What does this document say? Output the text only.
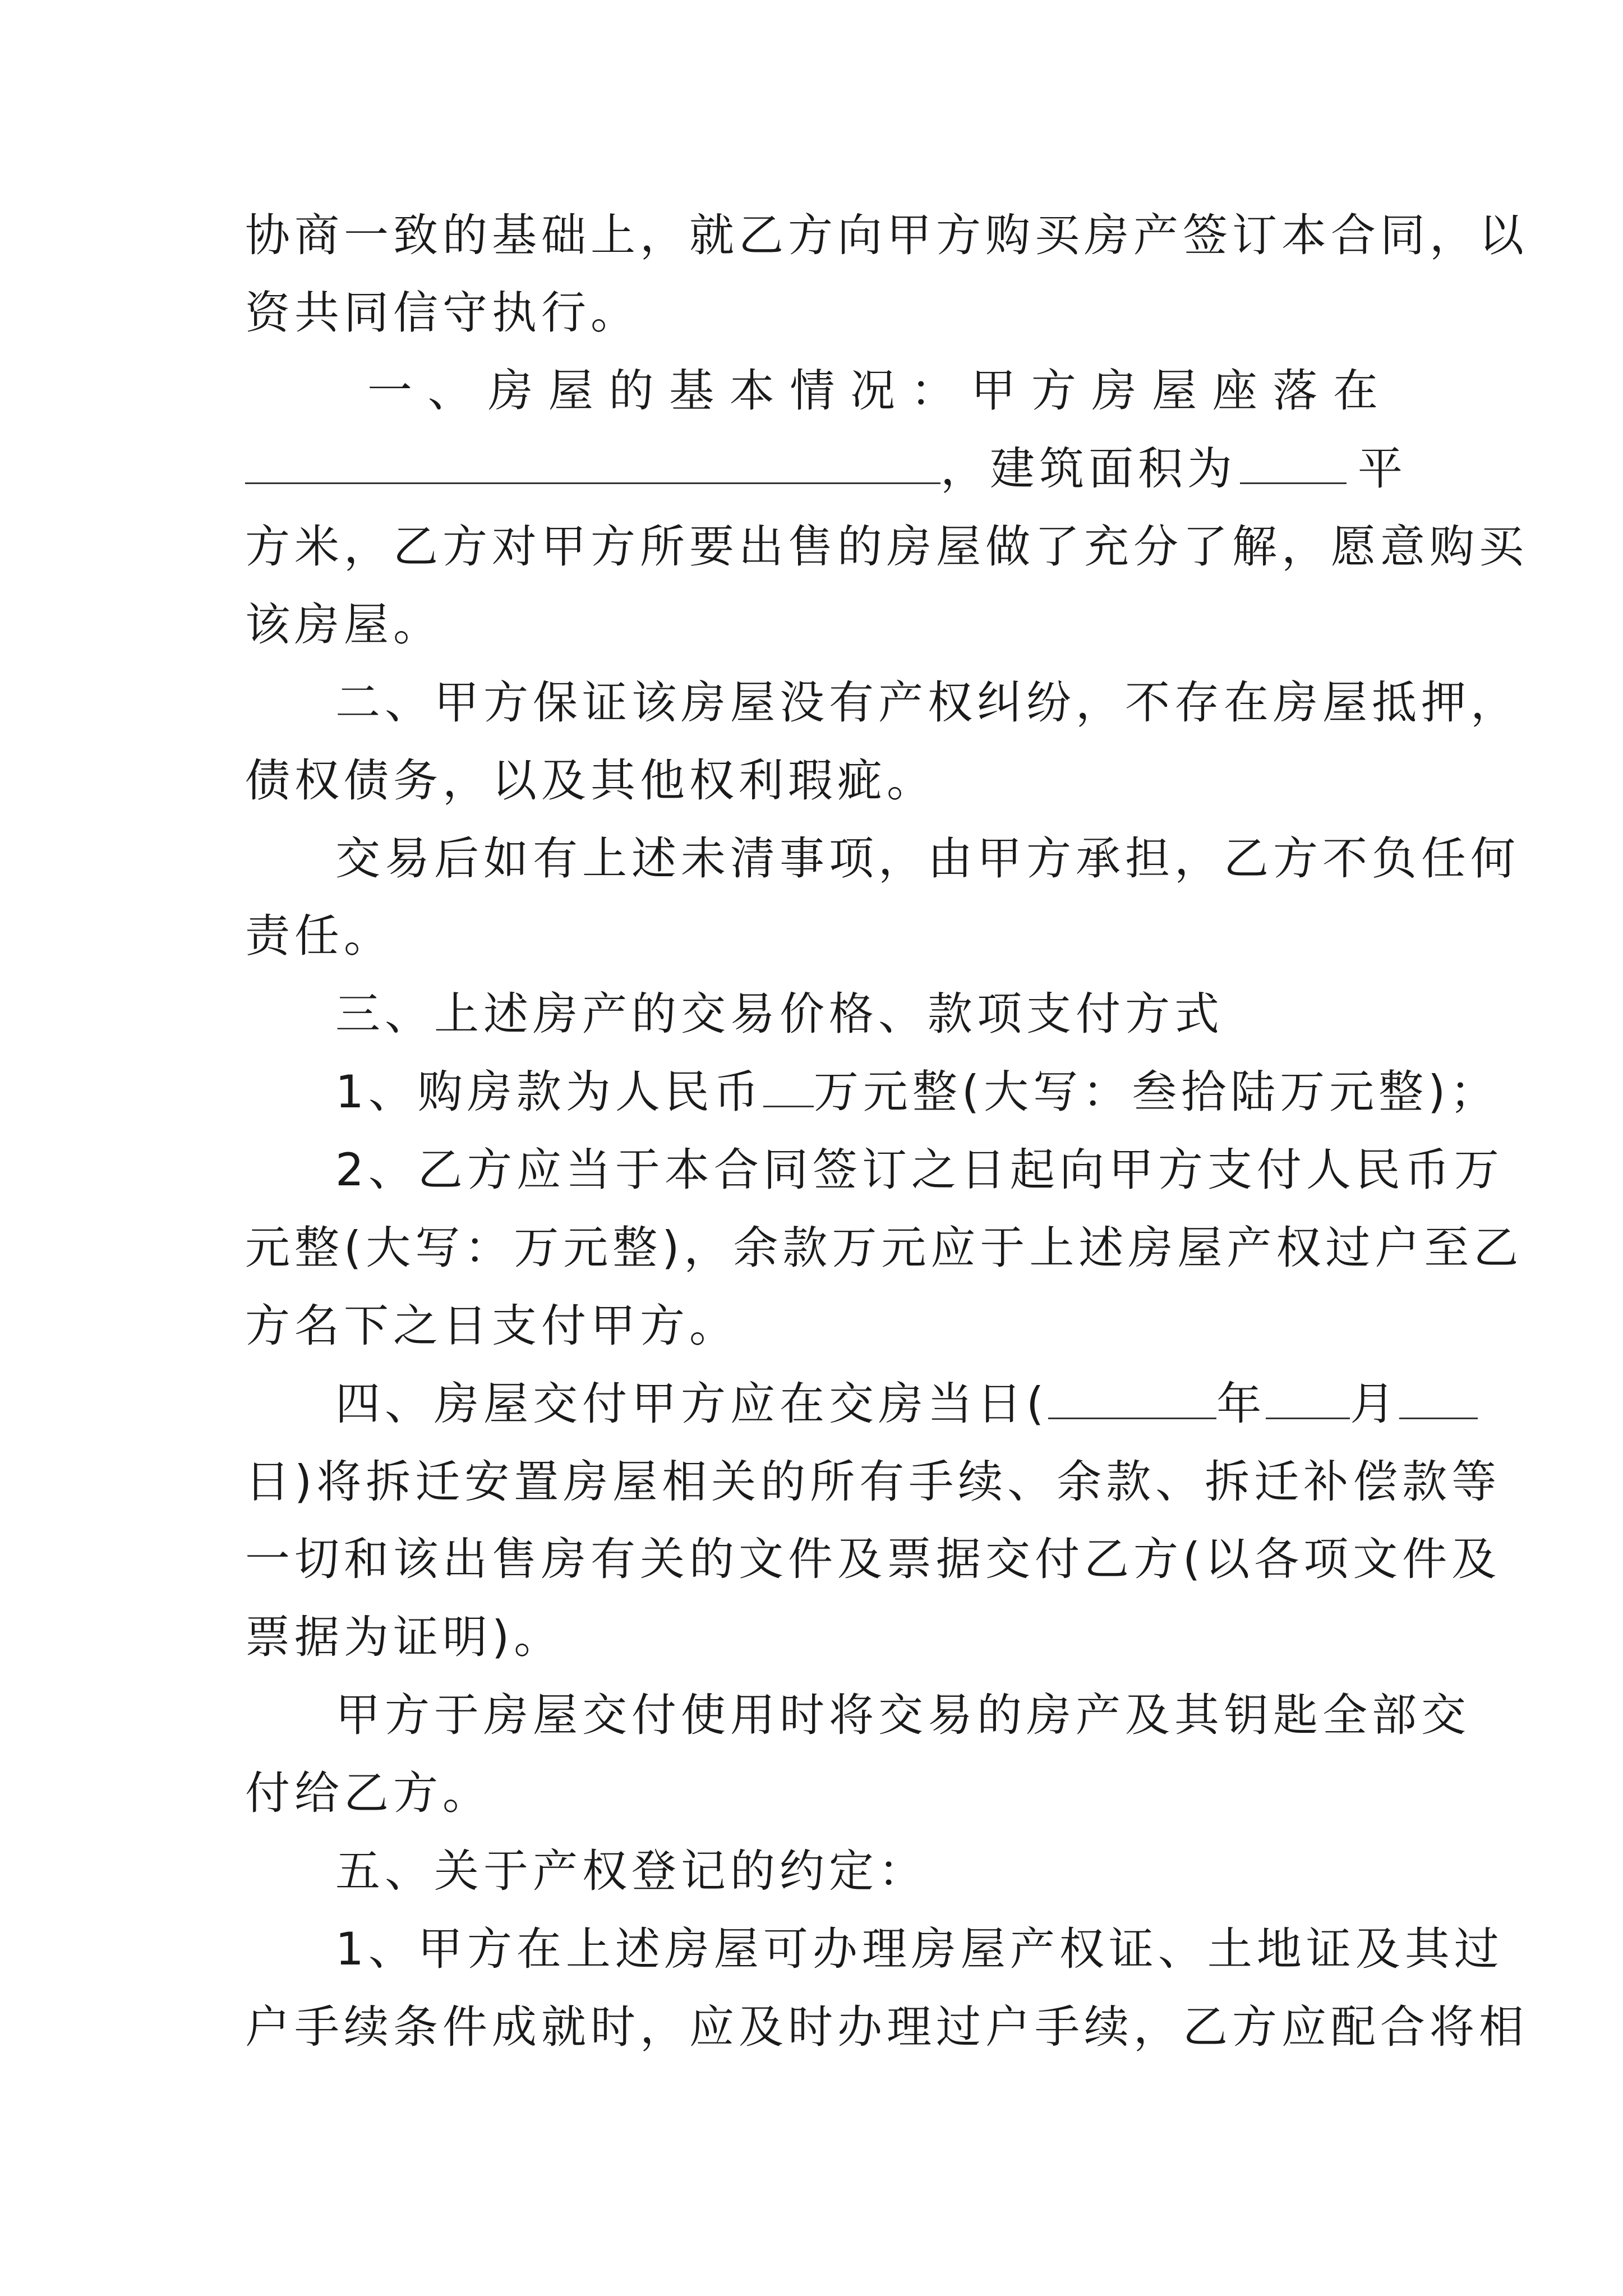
协商一致的基础上，就乙方向甲方购买房产签订本合同，以
资共同信守执行。
一 、 房 屋 的 基 本 情 况 ： 甲 方 房 屋 座 落 在
，建筑面积为	平
方米，乙方对甲方所要出售的房屋做了充分了解，愿意购买
该房屋。
二、甲方保证该房屋没有产权纠纷，不存在房屋抵押，
债权债务，以及其他权利瑕疵。
交易后如有上述未清事项，由甲方承担，乙方不负任何
责任。
三、上述房产的交易价格、款项支付方式
1、购房款为人民币 万元整(大写：叁拾陆万元整)；
2、乙方应当于本合同签订之日起向甲方支付人民币万
元整(大写：万元整)，余款万元应于上述房屋产权过户至乙
方名下之日支付甲方。
四、房屋交付甲方应在交房当日(	年 月
日)将拆迁安置房屋相关的所有手续、余款、拆迁补偿款等
一切和该出售房有关的文件及票据交付乙方(以各项文件及
票据为证明)。
甲方于房屋交付使用时将交易的房产及其钥匙全部交
付给乙方。
五、关于产权登记的约定：
1、甲方在上述房屋可办理房屋产权证、土地证及其过
户手续条件成就时，应及时办理过户手续，乙方应配合将相
